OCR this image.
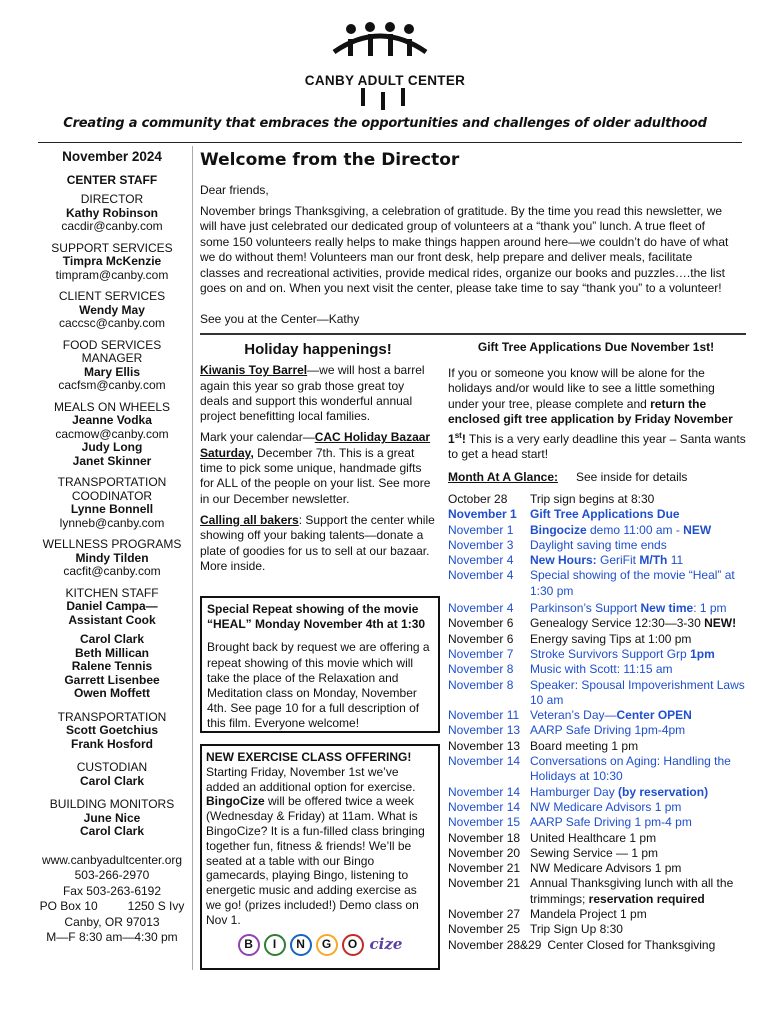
CANBY ADULT CENTER
Creating a community that embraces the opportunities and challenges of older adulthood
November 2024
CENTER STAFF
DIRECTOR
Kathy Robinson
cacdir@canby.com
SUPPORT SERVICES
Timpra McKenzie
timpram@canby.com
CLIENT SERVICES
Wendy May
caccsc@canby.com
FOOD SERVICES
MANAGER
Mary Ellis
cacfsm@canby.com
MEALS ON WHEELS
Jeanne Vodka
cacmow@canby.com
Judy Long
Janet Skinner
TRANSPORTATION
COODINATOR
Lynne Bonnell
lynneb@canby.com
WELLNESS PROGRAMS
Mindy Tilden
cacfit@canby.com
KITCHEN STAFF
Daniel Campa—
Assistant Cook
Carol Clark
Beth Millican
Ralene Tennis
Garrett Lisenbee
Owen Moffett
TRANSPORTATION
Scott Goetchius
Frank Hosford
CUSTODIAN
Carol Clark
BUILDING MONITORS
June Nice
Carol Clark
www.canbyadultcenter.org
503-266-2970
Fax 503-263-6192
PO Box 10         1250 S Ivy
Canby, OR 97013
M—F 8:30 am—4:30 pm
Welcome from the Director

Dear friends,

November brings Thanksgiving, a celebration of gratitude. By the time you read this newsletter, we will have just celebrated our dedicated group of volunteers at a “thank you” lunch. A true fleet of some 150 volunteers really helps to make things happen around here—we couldn’t do have of what we do without them! Volunteers man our front desk, help prepare and deliver meals, facilitate classes and recreational activities, provide medical rides, organize our books and puzzles….the list goes on and on. When you next visit the center, please take time to say “thank you” to a volunteer!

See you at the Center—Kathy
Holiday happenings!

Kiwanis Toy Barrel—we will host a barrel again this year so grab those great toy deals and support this wonderful annual project benefitting local families.

Mark your calendar—CAC Holiday Bazaar Saturday, December 7th. This is a great time to pick some unique, handmade gifts for ALL of the people on your list. See more in our December newsletter.

Calling all bakers: Support the center while showing off your baking talents—donate a plate of goodies for us to sell at our bazaar. More inside.

Special Repeat showing of the movie “HEAL” Monday November 4th at 1:30
Brought back by request we are offering a repeat showing of this movie which will take the place of the Relaxation and Meditation class on Monday, November 4th. See page 10 for a full description of this film. Everyone welcome!
NEW EXERCISE CLASS OFFERING!
Starting Friday, November 1st we’ve added an additional option for exercise. BingoCize will be offered twice a week (Wednesday & Friday) at 11am. What is BingoCize? It is a fun-filled class bringing together fun, fitness & friends! We’ll be seated at a table with our Bingo gamecards, playing Bingo, listening to energetic music and adding exercise as we go! (prizes included!) Demo class on Nov 1.
B	I	N	G	O cize
Gift Tree Applications Due November 1st!
If you or someone you know will be alone for the holidays and/or would like to see a little something under your tree, please complete and return the enclosed gift tree application by Friday November 1st! This is a very early deadline this year – Santa wants to get a head start!
Month At A Glance: See inside for details
October 28	Trip sign begins at 8:30
November 1	Gift Tree Applications Due
November 1	Bingocize demo 11:00 am - NEW
November 3	Daylight saving time ends
November 4	New Hours: GeriFit M/Th 11
November 4	Special showing of the movie “Heal” at 1:30 pm
November 4	Parkinson’s Support New time: 1 pm
November 6	Genealogy Service 12:30—3-30 NEW!
November 6	Energy saving Tips at 1:00 pm
November 7	Stroke Survivors Support Grp 1pm
November 8	Music with Scott: 11:15 am
November 8	Speaker: Spousal Impoverishment Laws 10 am
November 11 Veteran’s Day—Center OPEN
November 13 AARP Safe Driving 1pm-4pm
November 13 Board meeting 1 pm
November 14 Conversations on Aging: Handling the Holidays at 10:30
November 14 Hamburger Day (by reservation)
November 14 NW Medicare Advisors 1 pm
November 15 AARP Safe Driving 1 pm-4 pm
November 18 United Healthcare 1 pm
November 20 Sewing Service — 1 pm
November 21 NW Medicare Advisors 1 pm
November 21 Annual Thanksgiving lunch with all the trimmings; reservation required
November 27 Mandela Project 1 pm
November 25 Trip Sign Up 8:30
November 28&29 Center Closed for Thanksgiving
